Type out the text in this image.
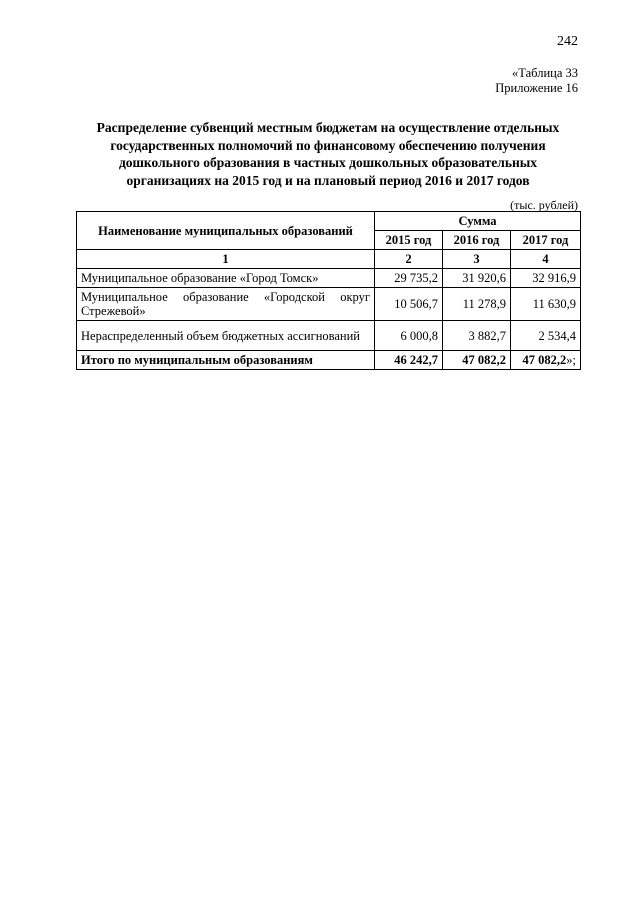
242
«Таблица 33
Приложение 16
Распределение субвенций местным бюджетам на осуществление отдельных государственных полномочий по финансовому обеспечению получения дошкольного образования в частных дошкольных образовательных организациях на 2015 год и на плановый период 2016 и 2017 годов
(тыс. рублей)
Наименование муниципальных образований	Сумма		
	2015 год	2016 год	2017 год
1	2	3	4
Муниципальное образование «Город Томск»	29 735,2	31 920,6	32 916,9
Муниципальное образование «Городской округ Стрежевой»	10 506,7	11 278,9	11 630,9
Нераспределенный объем бюджетных ассигнований	6 000,8	3 882,7	2 534,4
Итого по муниципальным образованиям	46 242,7	47 082,2	47 082,2»;
